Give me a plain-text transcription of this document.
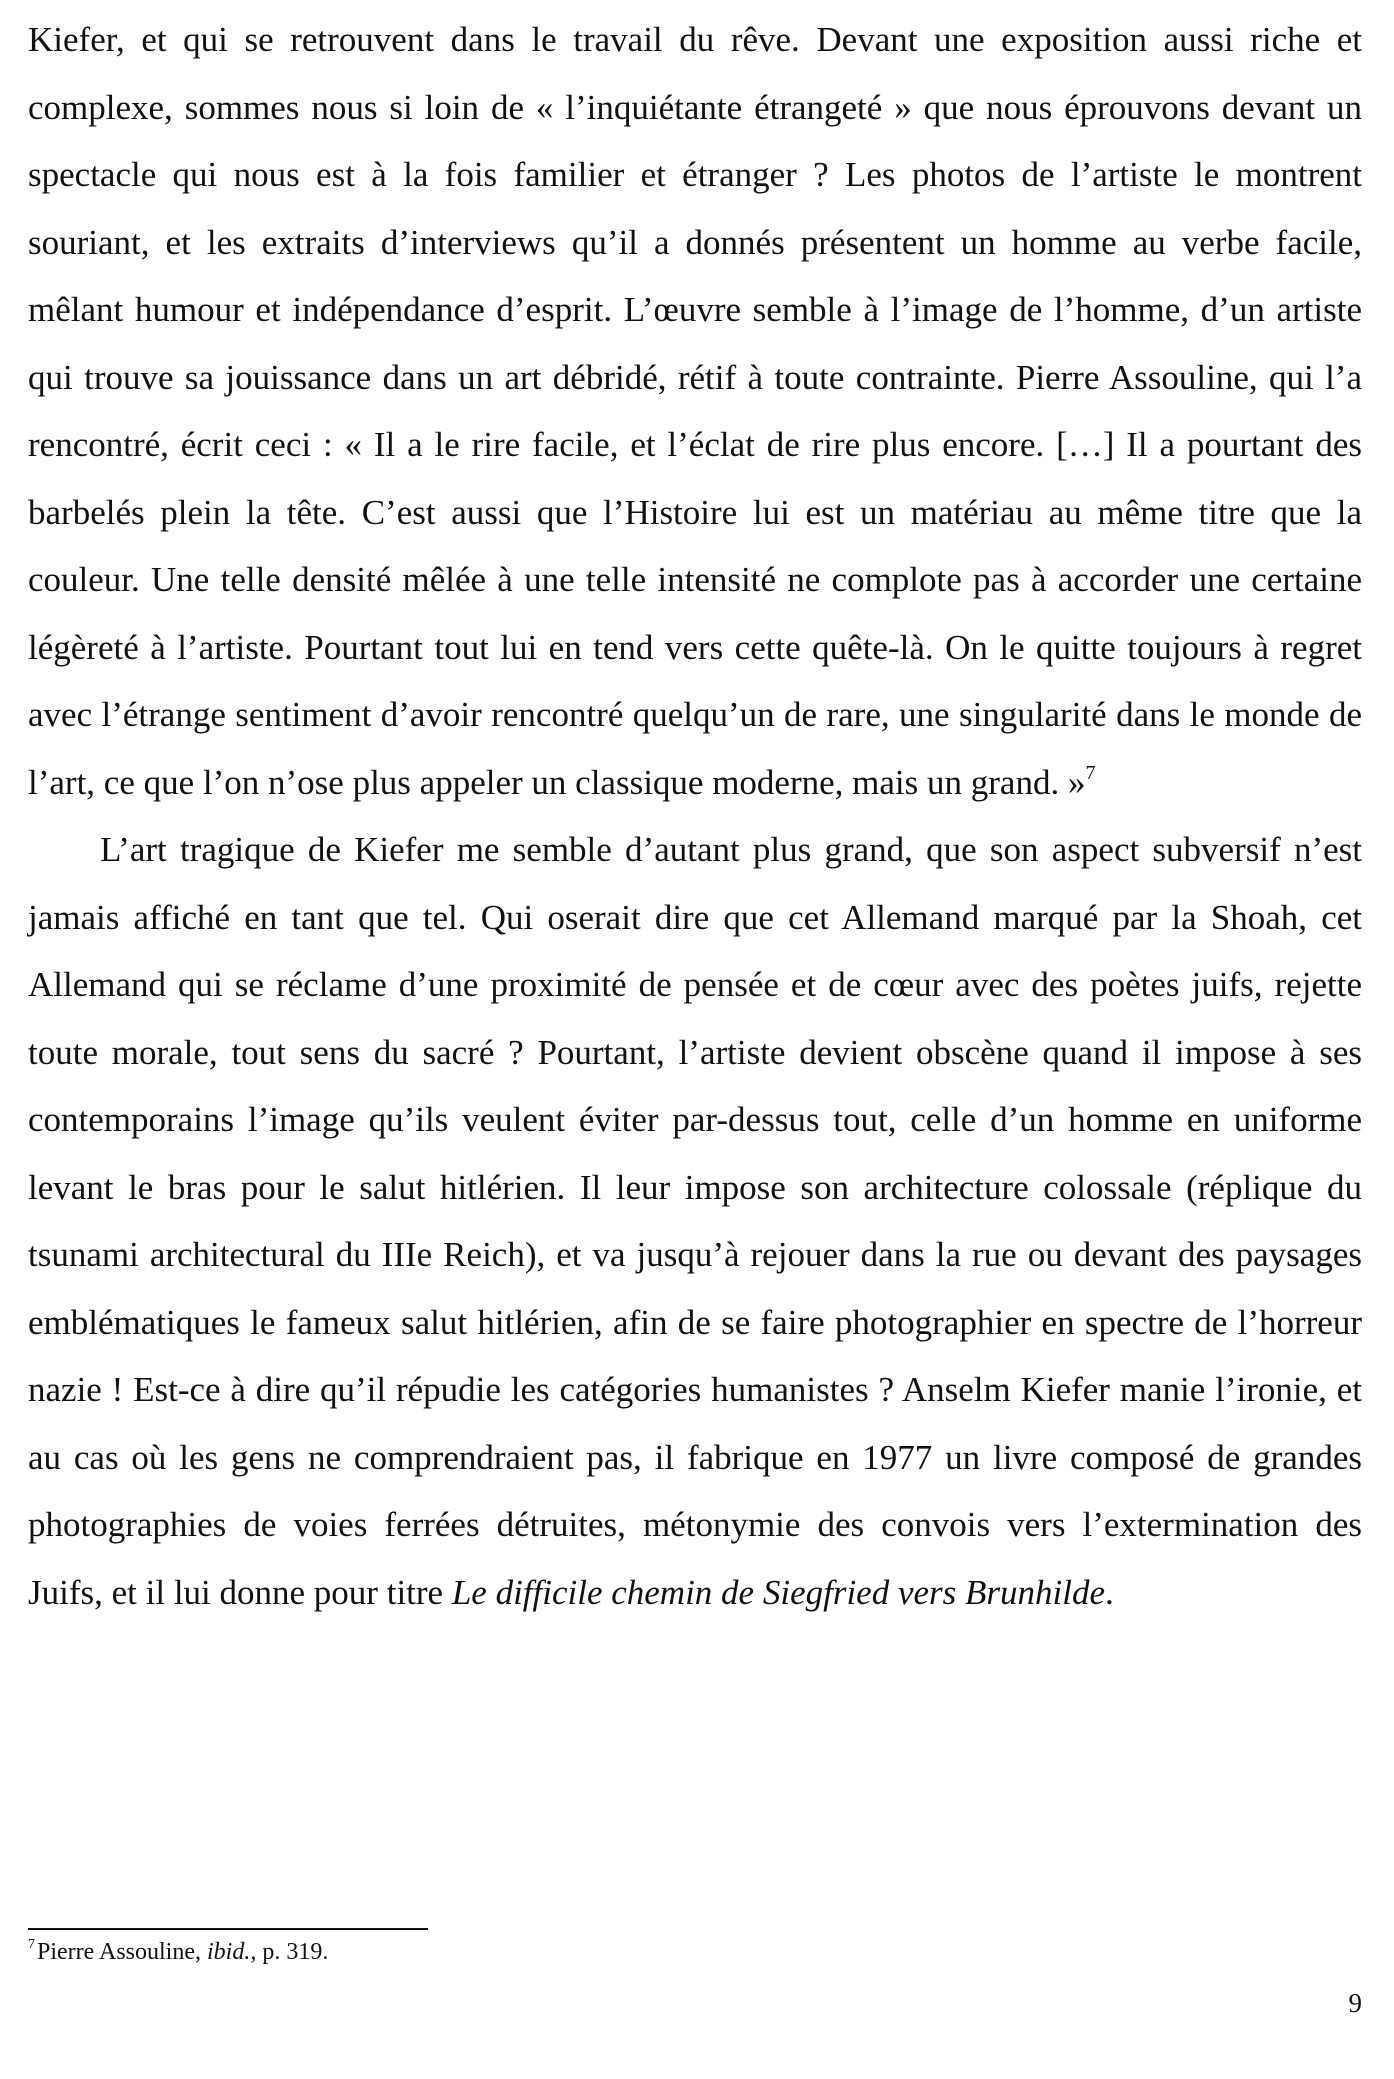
Kiefer, et qui se retrouvent dans le travail du rêve. Devant une exposition aussi riche et complexe, sommes nous si loin de « l’inquiétante étrangeté » que nous éprouvons devant un spectacle qui nous est à la fois familier et étranger ? Les photos de l’artiste le montrent souriant, et les extraits d’interviews qu’il a donnés présentent un homme au verbe facile, mêlant humour et indépendance d’esprit. L’œuvre semble à l’image de l’homme, d’un artiste qui trouve sa jouissance dans un art débridé, rétif à toute contrainte. Pierre Assouline, qui l’a rencontré, écrit ceci : « Il a le rire facile, et l’éclat de rire plus encore. […] Il a pourtant des barbelés plein la tête. C’est aussi que l’Histoire lui est un matériau au même titre que la couleur. Une telle densité mêlée à une telle intensité ne complote pas à accorder une certaine légèreté à l’artiste. Pourtant tout lui en tend vers cette quête-là. On le quitte toujours à regret avec l’étrange sentiment d’avoir rencontré quelqu’un de rare, une singularité dans le monde de l’art, ce que l’on n’ose plus appeler un classique moderne, mais un grand. »$^7$

L’art tragique de Kiefer me semble d’autant plus grand, que son aspect subversif n’est jamais affiché en tant que tel. Qui oserait dire que cet Allemand marqué par la Shoah, cet Allemand qui se réclame d’une proximité de pensée et de cœur avec des poètes juifs, rejette toute morale, tout sens du sacré ? Pourtant, l’artiste devient obscène quand il impose à ses contemporains l’image qu’ils veulent éviter par-dessus tout, celle d’un homme en uniforme levant le bras pour le salut hitlérien. Il leur impose son architecture colossale (réplique du tsunami architectural du IIIe Reich), et va jusqu’à rejouer dans la rue ou devant des paysages emblématiques le fameux salut hitlérien, afin de se faire photographier en spectre de l’horreur nazie ! Est-ce à dire qu’il répudie les catégories humanistes ? Anselm Kiefer manie l’ironie, et au cas où les gens ne comprendraient pas, il fabrique en 1977 un livre composé de grandes photographies de voies ferrées détruites, métonymie des convois vers l’extermination des Juifs, et il lui donne pour titre Le difficile chemin de Siegfried vers Brunhilde.

$^7$Pierre Assouline, ibid., p. 319.
9
